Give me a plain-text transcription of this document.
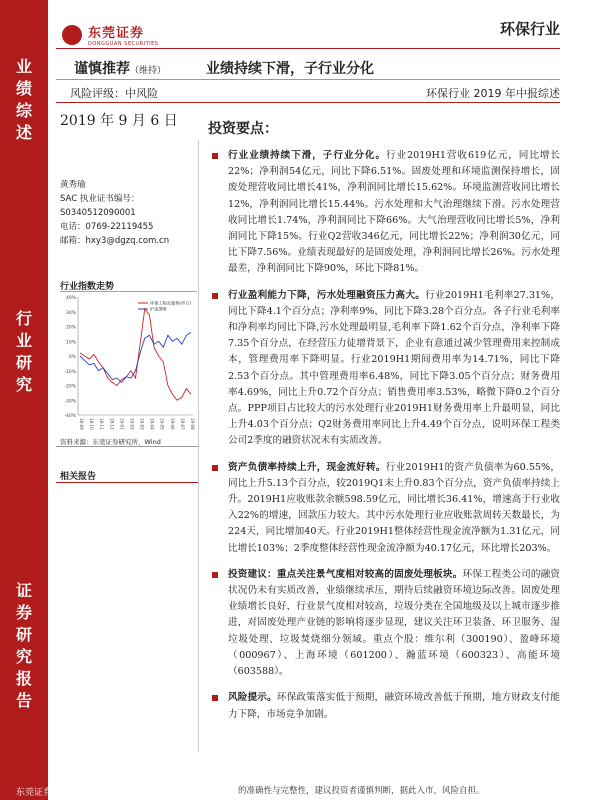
业
绩
综
述
行
业
研
究
证
券
研
究
报
告
东莞证券
东莞证券
DONGGUAN SECURITIES
环保行业
谨慎推荐（维持）	业绩持续下滑，子行业分化
风险评级：中风险	环保行业 2019 年中报综述
2019 年 9 月 6 日
黄秀瑜
SAC 执业证书编号：
S0340512090001
电话：0769-22119455
邮箱：hxy3@dgzq.com.cn
行业指数走势
40%
30%
20%
10%
0%
-10%
-20%
-30%
-40%
18-09 18-10 18-11 18-12 19-01 19-02 19-03 19-04 19-05 19-06 19-07 19-08
环保工程及服务(申万)
沪深300
资料来源：东莞证券研究所，Wind
相关报告
投资要点：
行业业绩持续下滑，子行业分化。行业2019H1营收619亿元，同比增长22%；净利润54亿元，同比下降6.51%。固废处理和环境监测保持增长，固废处理营收同比增长41%，净利润同比增长15.62%。环境监测营收同比增长12%，净利润同比增长15.44%。污水处理和大气治理继续下滑。污水处理营收同比增长1.74%，净利润同比下降66%。大气治理营收同比增长5%，净利润同比下降15%。行业Q2营收346亿元，同比增长22%；净利润30亿元，同比下降7.56%。业绩表现最好的是固废处理，净利润同比增长26%。污水处理最差，净利润同比下降90%，环比下降81%。
行业盈利能力下降，污水处理融资压力高大。行业2019H1毛利率27.31%，同比下降4.1个百分点；净利率9%，同比下降3.28个百分点。各子行业毛利率和净利率均同比下降,污水处理最明显,毛利率下降1.62个百分点，净利率下降7.35个百分点，在经营压力徒增背景下，企业有意通过减少管理费用来控制成本，管理费用率下降明显。行业2019H1期间费用率为14.71%，同比下降2.53个百分点。其中管理费用率6.48%，同比下降3.05个百分点；财务费用率4.69%，同比上升0.72个百分点；销售费用率3.53%，略微下降0.2个百分点。PPP项目占比较大的污水处理行业2019H1财务费用率上升最明显，同比上升4.03个百分点；Q2财务费用率同比上升4.49个百分点，说明环保工程类公司2季度的融资状况未有实质改善。
资产负债率持续上升，现金流好转。行业2019H1的资产负债率为60.55%，同比上升5.13个百分点，较2019Q1末上升0.83个百分点，资产负债率持续上升。2019H1应收账款余额598.59亿元，同比增长36.41%，增速高于行业收入22%的增速，回款压力较大。其中污水处理行业应收账款周转天数最长，为224天，同比增加40天。行业2019H1整体经营性现金流净额为1.31亿元，同比增长103%；2季度整体经营性现金流净额为40.17亿元，环比增长203%。
投资建议：重点关注景气度相对较高的固废处理板块。环保工程类公司的融资状况仍未有实质改善，业绩继续承压，期待后续融资环境边际改善。固废处理业绩增长良好，行业景气度相对较高，垃圾分类在全国地级及以上城市逐步推进，对固废处理产业链的影响将逐步显现，建议关注环卫装备、环卫服务、湿垃圾处理、垃圾焚烧细分领域。重点个股：维尔利（300190）、盈峰环境（000967）、上海环境（601200）、瀚蓝环境（600323）、高能环境（603588）。
风险提示。环保政策落实低于预期，融资环境改善低于预期，地方财政支付能力下降，市场竞争加剧。
的准确性与完整性，建议投资者谨慎判断，据此入市，风险自担。
